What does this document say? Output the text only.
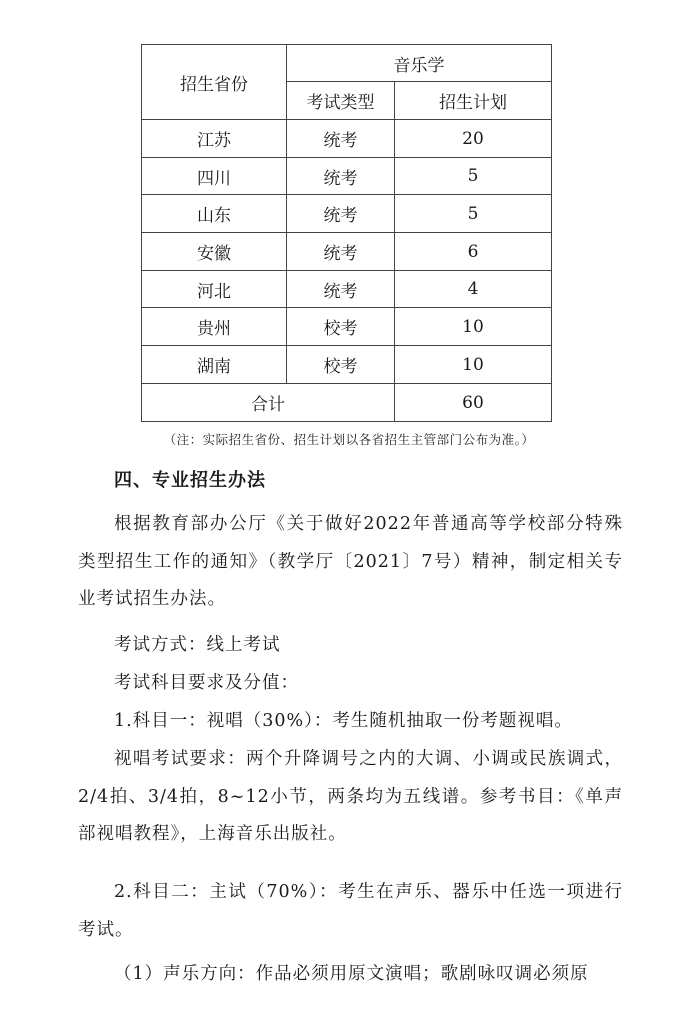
招生省份	音乐学	
	考试类型	招生计划
江苏	统考	20
四川	统考	5
山东	统考	5
安徽	统考	6
河北	统考	4
贵州	校考	10
湖南	校考	10
合计		60
（注：实际招生省份、招生计划以各省招生主管部门公布为准。）
四、专业招生办法

根据教育部办公厅《关于做好2022年普通高等学校部分特殊类型招生工作的通知》（教学厅〔2021〕7号）精神，制定相关专业考试招生办法。

考试方式：线上考试

考试科目要求及分值：

1.科目一：视唱（30%）：考生随机抽取一份考题视唱。

视唱考试要求：两个升降调号之内的大调、小调或民族调式，2/4拍、3/4拍，8~12小节，两条均为五线谱。参考书目：《单声部视唱教程》，上海音乐出版社。

2.科目二：主试（70%）：考生在声乐、器乐中任选一项进行考试。

（1）声乐方向：作品必须用原文演唱；歌剧咏叹调必须原
